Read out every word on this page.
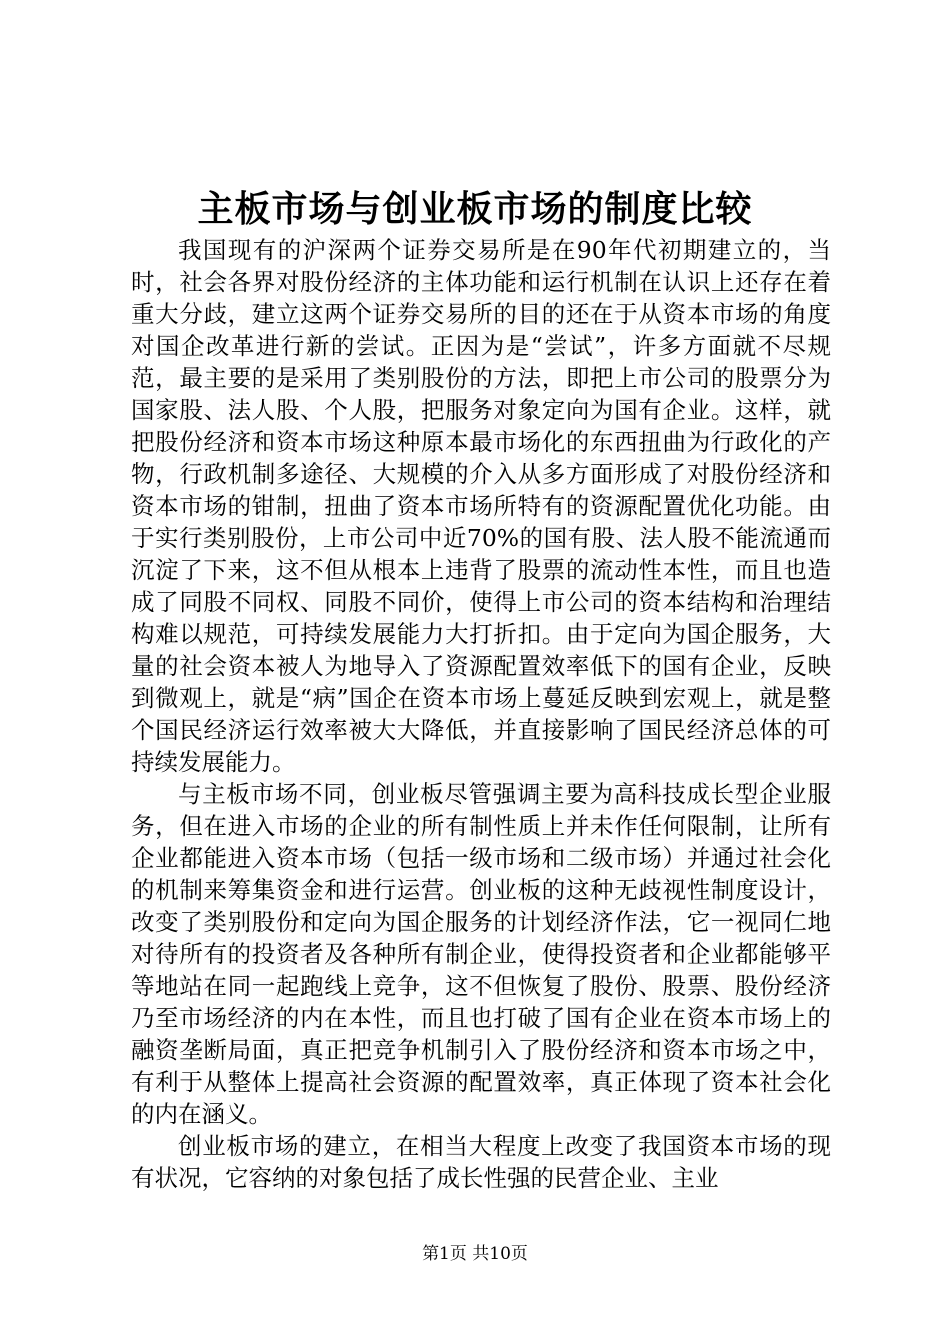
主板市场与创业板市场的制度比较

我国现有的沪深两个证券交易所是在90年代初期建立的，当时，社会各界对股份经济的主体功能和运行机制在认识上还存在着重大分歧，建立这两个证券交易所的目的还在于从资本市场的角度对国企改革进行新的尝试。正因为是“尝试”，许多方面就不尽规范，最主要的是采用了类别股份的方法，即把上市公司的股票分为国家股、法人股、个人股，把服务对象定向为国有企业。这样，就把股份经济和资本市场这种原本最市场化的东西扭曲为行政化的产物，行政机制多途径、大规模的介入从多方面形成了对股份经济和资本市场的钳制，扭曲了资本市场所特有的资源配置优化功能。由于实行类别股份，上市公司中近70%的国有股、法人股不能流通而沉淀了下来，这不但从根本上违背了股票的流动性本性，而且也造成了同股不同权、同股不同价，使得上市公司的资本结构和治理结构难以规范，可持续发展能力大打折扣。由于定向为国企服务，大量的社会资本被人为地导入了资源配置效率低下的国有企业，反映到微观上，就是“病”国企在资本市场上蔓延反映到宏观上，就是整个国民经济运行效率被大大降低，并直接影响了国民经济总体的可持续发展能力。

与主板市场不同，创业板尽管强调主要为高科技成长型企业服务，但在进入市场的企业的所有制性质上并未作任何限制，让所有企业都能进入资本市场（包括一级市场和二级市场）并通过社会化的机制来筹集资金和进行运营。创业板的这种无歧视性制度设计，改变了类别股份和定向为国企服务的计划经济作法，它一视同仁地对待所有的投资者及各种所有制企业，使得投资者和企业都能够平等地站在同一起跑线上竞争，这不但恢复了股份、股票、股份经济乃至市场经济的内在本性，而且也打破了国有企业在资本市场上的融资垄断局面，真正把竞争机制引入了股份经济和资本市场之中，有利于从整体上提高社会资源的配置效率，真正体现了资本社会化的内在涵义。

创业板市场的建立，在相当大程度上改变了我国资本市场的现有状况，它容纳的对象包括了成长性强的民营企业、主业

第1页 共10页
